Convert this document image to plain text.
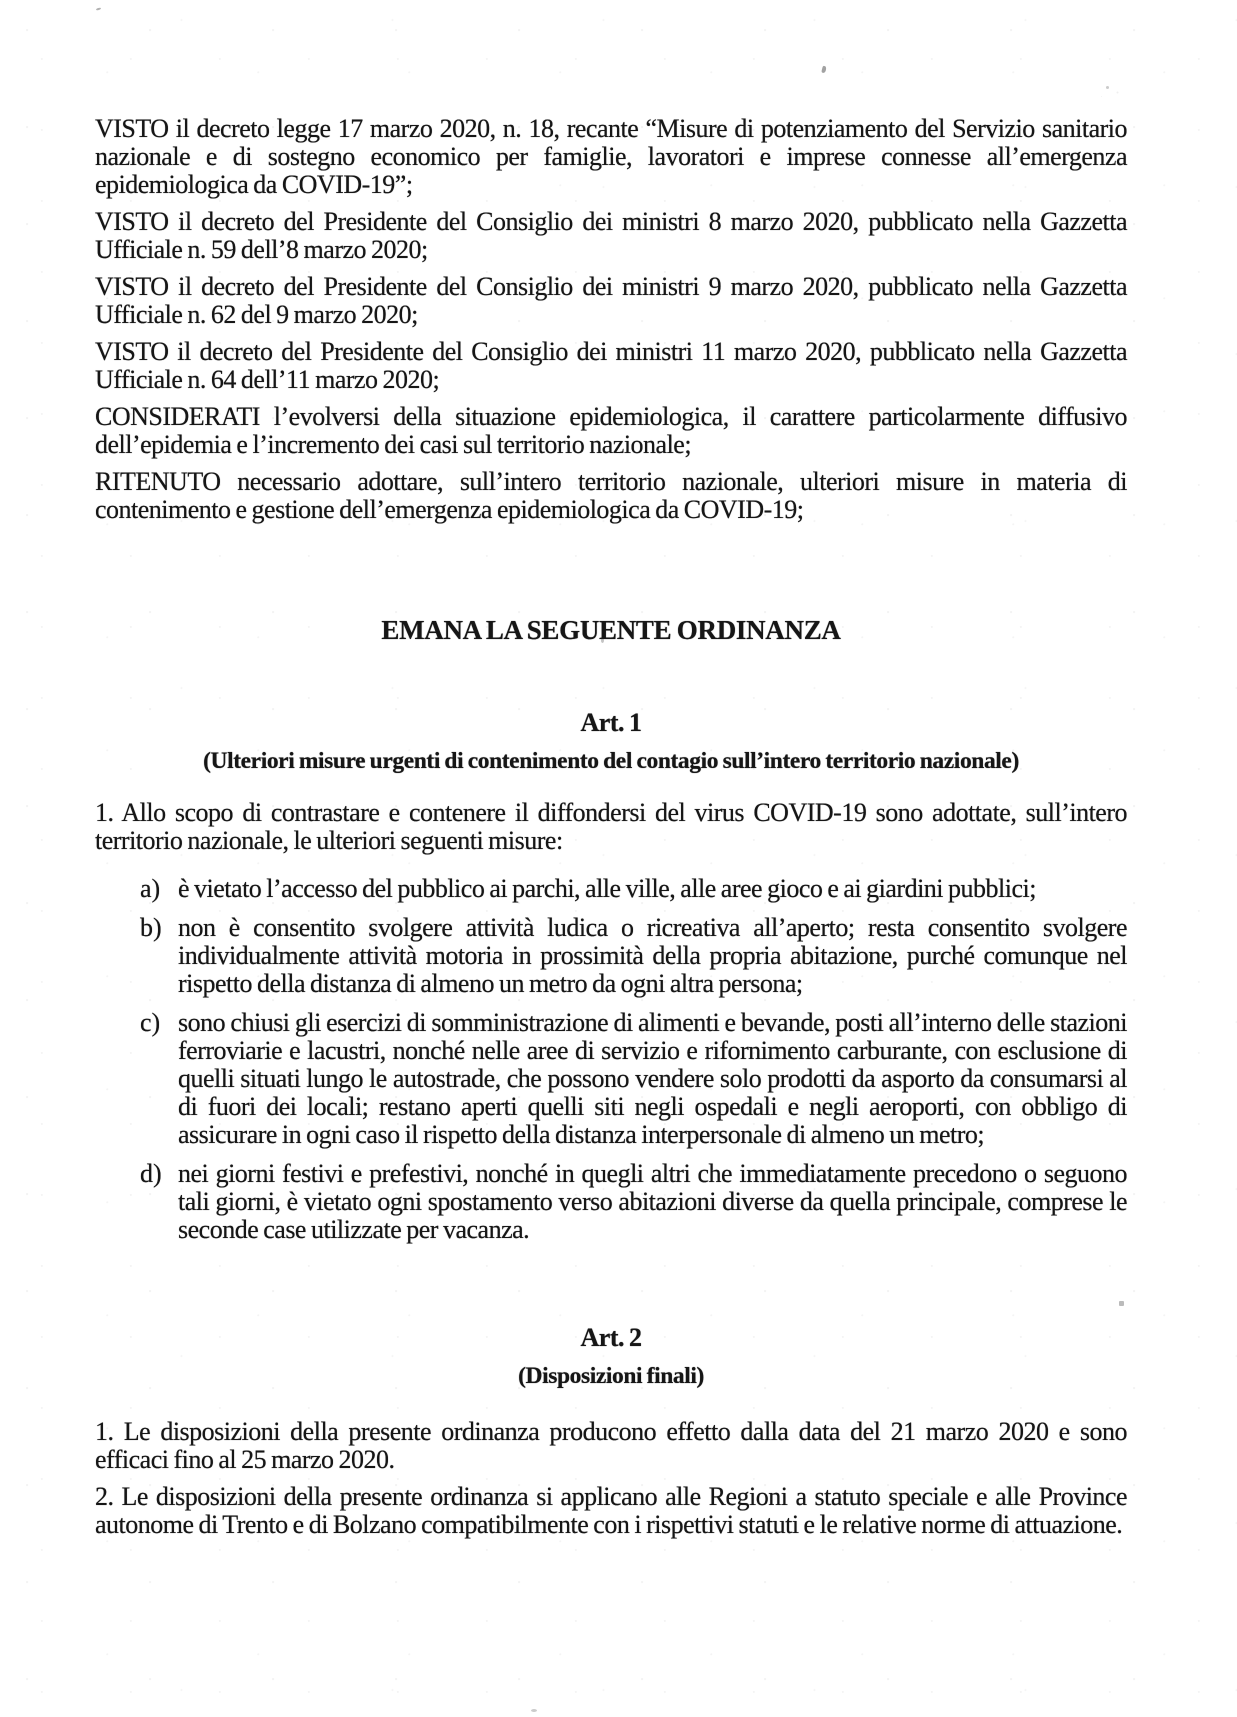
VISTO il decreto legge 17 marzo 2020, n. 18, recante “Misure di potenziamento del Servizio sanitario nazionale e di sostegno economico per famiglie, lavoratori e imprese connesse all’emergenza epidemiologica da COVID-19”;

VISTO il decreto del Presidente del Consiglio dei ministri 8 marzo 2020, pubblicato nella Gazzetta Ufficiale n. 59 dell’8 marzo 2020;

VISTO il decreto del Presidente del Consiglio dei ministri 9 marzo 2020, pubblicato nella Gazzetta Ufficiale n. 62 del 9 marzo 2020;

VISTO il decreto del Presidente del Consiglio dei ministri 11 marzo 2020, pubblicato nella Gazzetta Ufficiale n. 64 dell’11 marzo 2020;

CONSIDERATI l’evolversi della situazione epidemiologica, il carattere particolarmente diffusivo dell’epidemia e l’incremento dei casi sul territorio nazionale;

RITENUTO necessario adottare, sull’intero territorio nazionale, ulteriori misure in materia di contenimento e gestione dell’emergenza epidemiologica da COVID-19;

EMANA LA SEGUENTE ORDINANZA

Art. 1

(Ulteriori misure urgenti di contenimento del contagio sull’intero territorio nazionale)

1. Allo scopo di contrastare e contenere il diffondersi del virus COVID-19 sono adottate, sull’intero territorio nazionale, le ulteriori seguenti misure:

a) è vietato l’accesso del pubblico ai parchi, alle ville, alle aree gioco e ai giardini pubblici;

b) non è consentito svolgere attività ludica o ricreativa all’aperto; resta consentito svolgere individualmente attività motoria in prossimità della propria abitazione, purché comunque nel rispetto della distanza di almeno un metro da ogni altra persona;

c) sono chiusi gli esercizi di somministrazione di alimenti e bevande, posti all’interno delle stazioni ferroviarie e lacustri, nonché nelle aree di servizio e rifornimento carburante, con esclusione di quelli situati lungo le autostrade, che possono vendere solo prodotti da asporto da consumarsi al di fuori dei locali; restano aperti quelli siti negli ospedali e negli aeroporti, con obbligo di assicurare in ogni caso il rispetto della distanza interpersonale di almeno un metro;

d) nei giorni festivi e prefestivi, nonché in quegli altri che immediatamente precedono o seguono tali giorni, è vietato ogni spostamento verso abitazioni diverse da quella principale, comprese le seconde case utilizzate per vacanza.

Art. 2

(Disposizioni finali)

1. Le disposizioni della presente ordinanza producono effetto dalla data del 21 marzo 2020 e sono efficaci fino al 25 marzo 2020.

2. Le disposizioni della presente ordinanza si applicano alle Regioni a statuto speciale e alle Province autonome di Trento e di Bolzano compatibilmente con i rispettivi statuti e le relative norme di attuazione.
